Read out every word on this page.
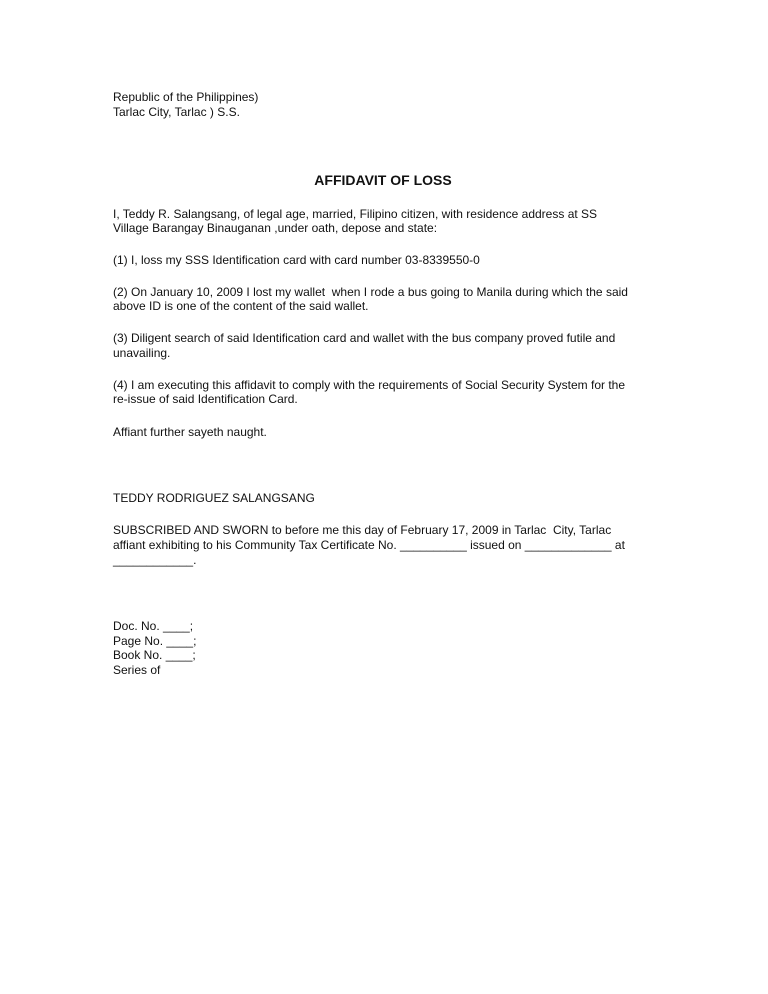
Republic of the Philippines)

Tarlac City, Tarlac ) S.S.

AFFIDAVIT OF LOSS

I, Teddy R. Salangsang, of legal age, married, Filipino citizen, with residence address at SS

Village Barangay Binauganan ,under oath, depose and state:

(1) I, loss my SSS Identification card with card number 03-8339550-0

(2) On January 10, 2009 I lost my wallet  when I rode a bus going to Manila during which the said

above ID is one of the content of the said wallet.

(3) Diligent search of said Identification card and wallet with the bus company proved futile and

unavailing.

(4) I am executing this affidavit to comply with the requirements of Social Security System for the

re-issue of said Identification Card.

Affiant further sayeth naught.

TEDDY RODRIGUEZ SALANGSANG

SUBSCRIBED AND SWORN to before me this day of February 17, 2009 in Tarlac  City, Tarlac

affiant exhibiting to his Community Tax Certificate No. __________ issued on _____________ at

____________.

Doc. No. ____;

Page No. ____;

Book No. ____;

Series of
